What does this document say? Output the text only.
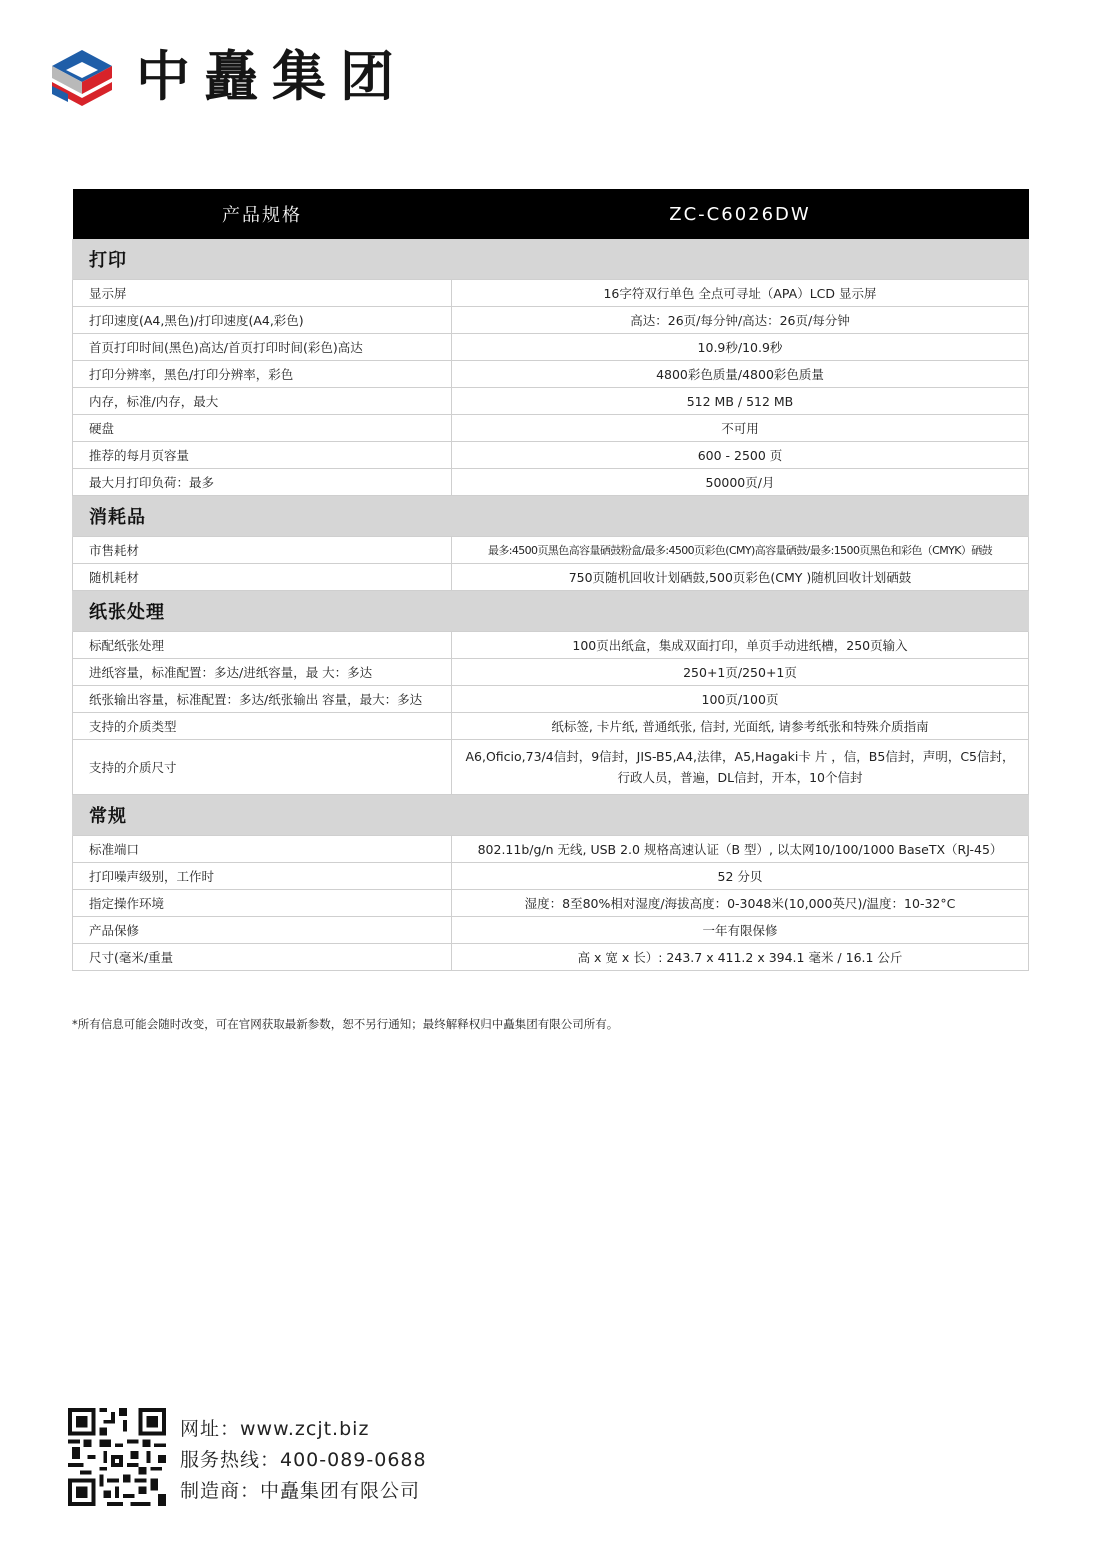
中矗集团
产品规格	ZC-C6026DW
打印	
显示屏	16字符双行单色 全点可寻址（APA）LCD 显示屏
打印速度(A4,黑色)/打印速度(A4,彩色)	高达：26页/每分钟/高达：26页/每分钟
首页打印时间(黑色)高达/首页打印时间(彩色)高达	10.9秒/10.9秒
打印分辨率，黑色/打印分辨率，彩色	4800彩色质量/4800彩色质量
内存，标准/内存，最大	512 MB / 512 MB
硬盘	不可用
推荐的每月页容量	600 - 2500 页
最大月打印负荷：最多	50000页/月
消耗品	
市售耗材	最多:4500页黑色高容量硒鼓粉盒/最多:4500页彩色(CMY)高容量硒鼓/最多:1500页黑色和彩色（CMYK）硒鼓
随机耗材	750页随机回收计划硒鼓,500页彩色(CMY )随机回收计划硒鼓
纸张处理	
标配纸张处理	100页出纸盒，集成双面打印，单页手动进纸槽，250页输入
进纸容量，标准配置：多达/进纸容量，最 大：多达	250+1页/250+1页
纸张输出容量，标准配置：多达/纸张输出 容量，最大：多达	100页/100页
支持的介质类型	纸标签, 卡片纸, 普通纸张, 信封, 光面纸, 请参考纸张和特殊介质指南
支持的介质尺寸	A6,Oficio,73/4信封，9信封，JIS-B5,A4,法律，A5,Hagaki卡 片 ，信，B5信封，声明，C5信封，行政人员，普遍，DL信封，开本，10个信封
常规	
标准端口	802.11b/g/n 无线, USB 2.0 规格高速认证（B 型）, 以太网10/100/1000 BaseTX（RJ-45）
打印噪声级别，工作时	52 分贝
指定操作环境	湿度：8至80%相对湿度/海拔高度：0-3048米(10,000英尺)/温度：10-32°C
产品保修	一年有限保修
尺寸(毫米/重量	高 x 宽 x 长）: 243.7 x 411.2 x 394.1 毫米 / 16.1 公斤
*所有信息可能会随时改变，可在官网获取最新参数，恕不另行通知；最终解释权归中矗集团有限公司所有。
网址：www.zcjt.biz
服务热线：400-089-0688
制造商：中矗集团有限公司
